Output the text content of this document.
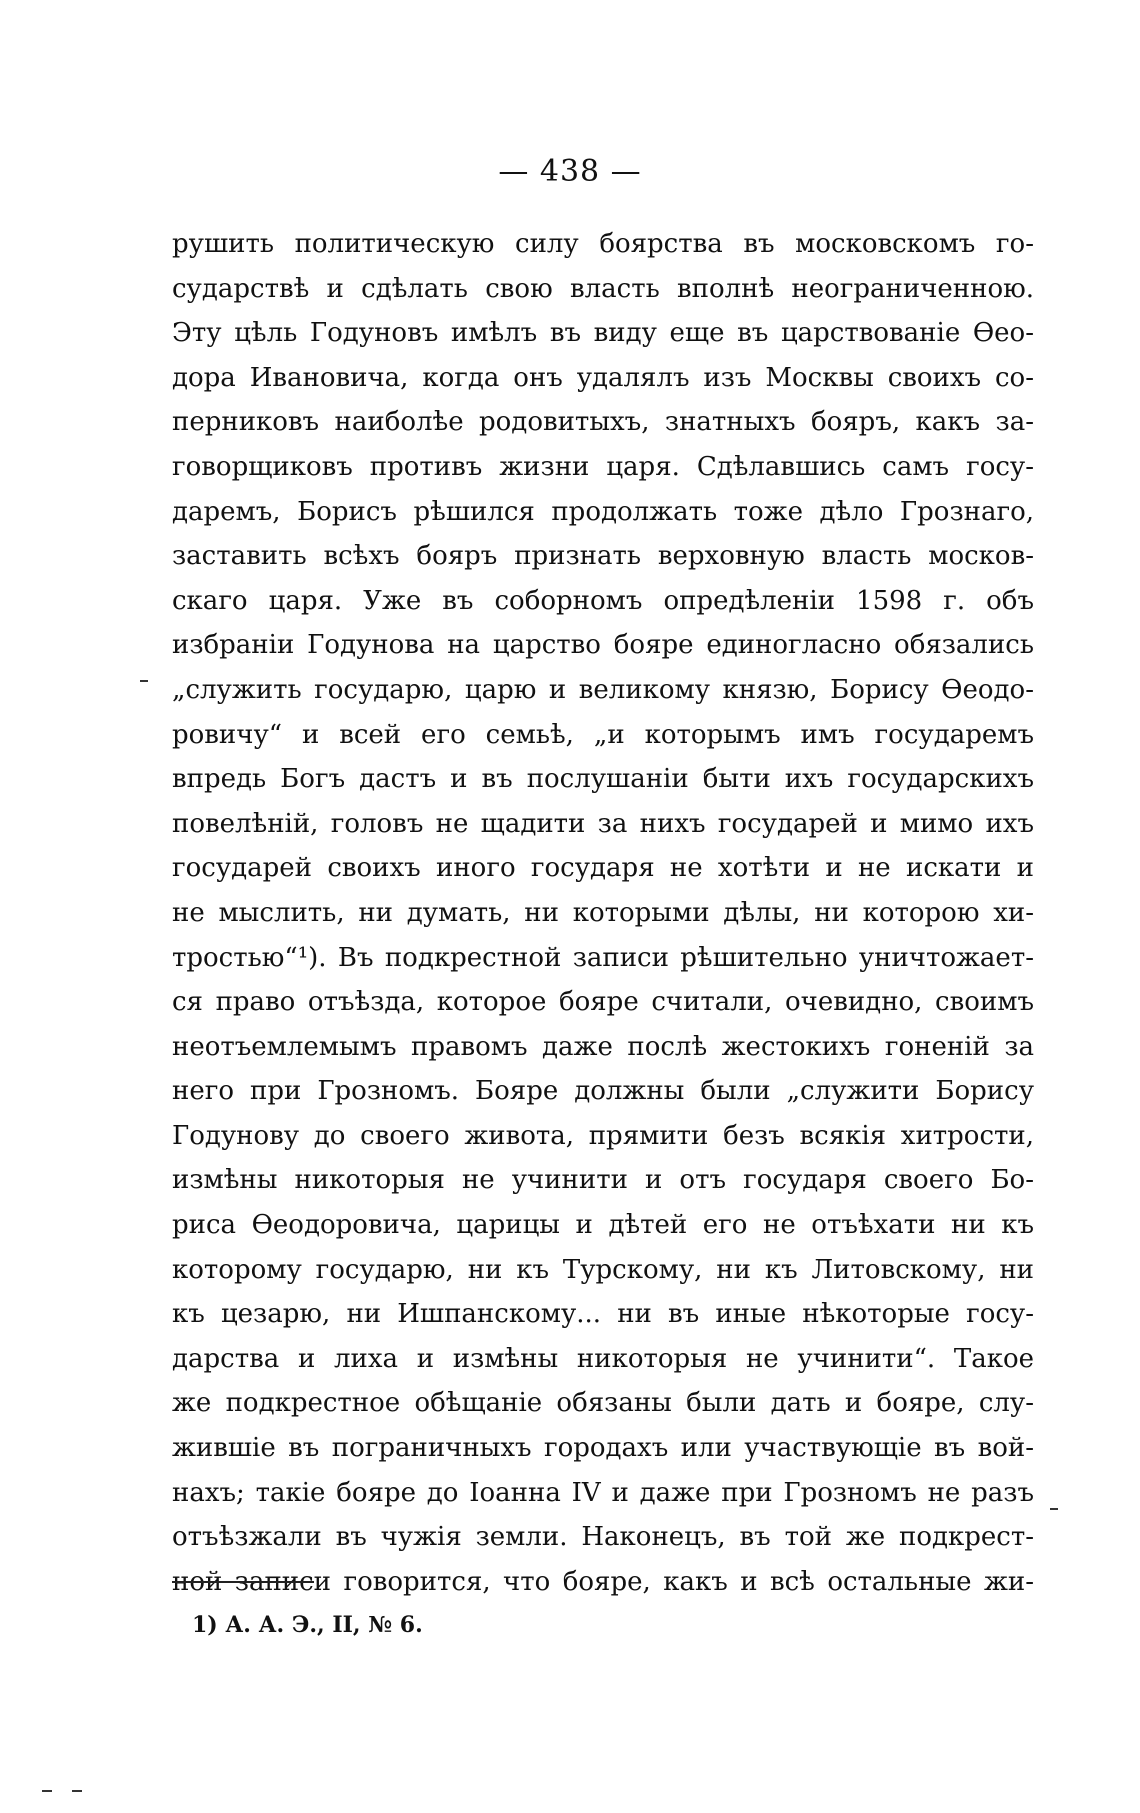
— 438 —
рушить политическую силу боярства въ московскомъ го-
сударствѣ и сдѣлать свою власть вполнѣ неограниченною.
Эту цѣль Годуновъ имѣлъ въ виду еще въ царствованіе Ѳео-
дора Ивановича, когда онъ удалялъ изъ Москвы своихъ со-
перниковъ наиболѣе родовитыхъ, знатныхъ бояръ, какъ за-
говорщиковъ противъ жизни царя. Сдѣлавшись самъ госу-
даремъ, Борисъ рѣшился продолжать тоже дѣло Грознаго,
заставить всѣхъ бояръ признать верховную власть москов-
скаго царя. Уже въ соборномъ опредѣленіи 1598 г. объ
избраніи Годунова на царство бояре единогласно обязались
„служить государю, царю и великому князю, Борису Ѳеодо-
ровичу“ и всей его семьѣ, „и которымъ имъ государемъ
впредь Богъ дастъ и въ послушаніи быти ихъ государскихъ
повелѣній, головъ не щадити за нихъ государей и мимо ихъ
государей своихъ иного государя не хотѣти и не искати и
не мыслить, ни думать, ни которыми дѣлы, ни которою хи-
тростью“¹). Въ подкрестной записи рѣшительно уничтожает-
ся право отъѣзда, которое бояре считали, очевидно, своимъ
неотъемлемымъ правомъ даже послѣ жестокихъ гоненій за
него при Грозномъ. Бояре должны были „служити Борису
Годунову до своего живота, прямити безъ всякія хитрости,
измѣны никоторыя не учинити и отъ государя своего Бо-
риса Ѳеодоровича, царицы и дѣтей его не отъѣхати ни къ
которому государю, ни къ Турскому, ни къ Литовскому, ни
къ цезарю, ни Ишпанскому... ни въ иные нѣкоторые госу-
дарства и лиха и измѣны никоторыя не учинити“. Такое
же подкрестное обѣщаніе обязаны были дать и бояре, слу-
жившіе въ пограничныхъ городахъ или участвующіе въ вой-
нахъ; такіе бояре до Іоанна IV и даже при Грозномъ не разъ
отъѣзжали въ чужія земли. Наконецъ, въ той же подкрест-
ной записи говорится, что бояре, какъ и всѣ остальные жи-
1) А. А. Э., II, № 6.
